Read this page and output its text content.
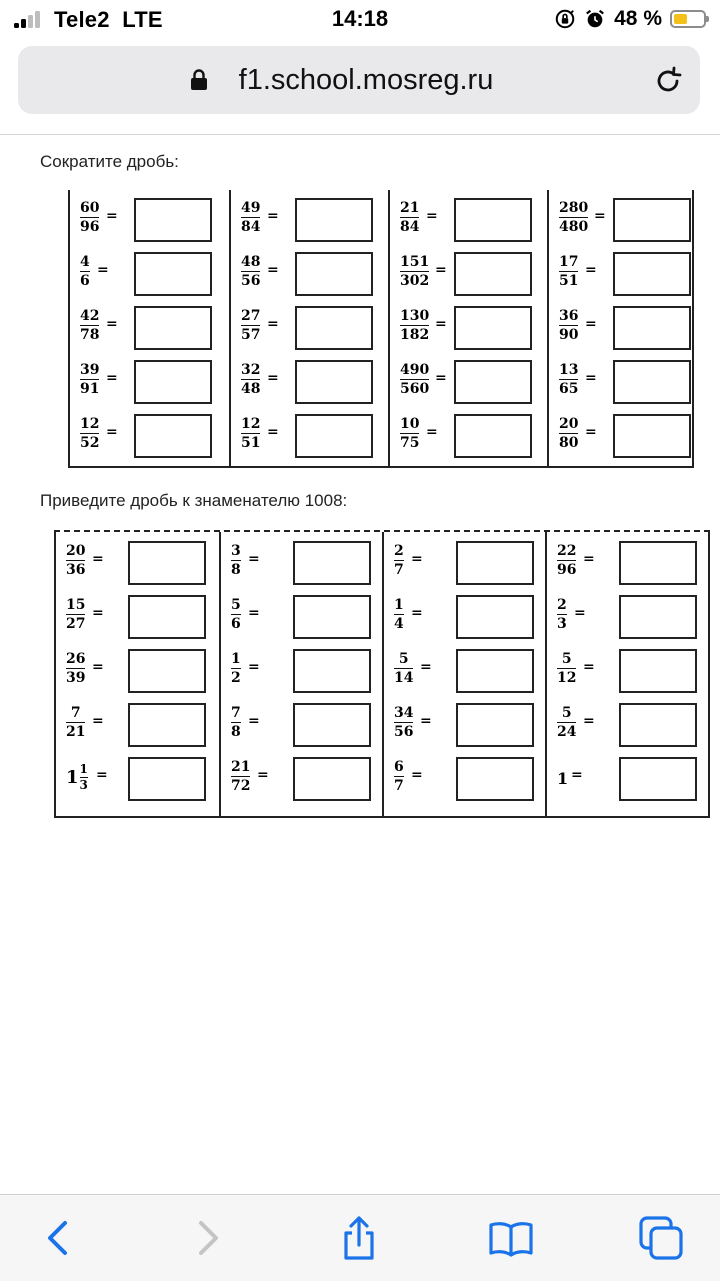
Tele2 LTE	14:18	48 %
f1.school.mosreg.ru
Сократите дробь:
60
96
=
4
6
=
42
78
=
39
91
=
12
52
=
49
84
=
48
56
=
27
57
=
32
48
=
12
51
=
21
84
=
151
302
=
130
182
=
490
560
=
10
75
=
280
480
=
17
51
=
36
90
=
13
65
=
20
80
=
Приведите дробь к знаменателю 1008:
20
36
=
15
27
=
26
39
=
7
21
=
$1 \frac{1}{3}$ =
3
8
=
5
6
=
1
2
=
7
8
=
21
72
=
2
7
=
1
4
=
5
14
=
34
56
=
6
7
=
22
96
=
2
3
=
5
12
=
5
24
=
1 =
